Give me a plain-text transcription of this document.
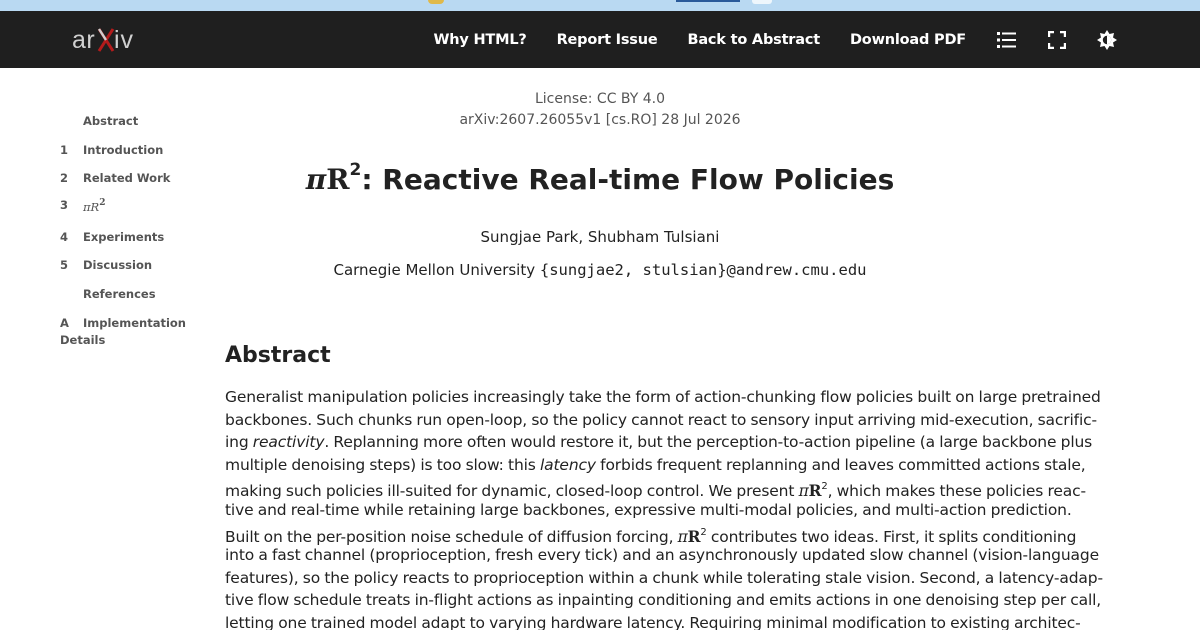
ar iv	Why HTML? Report Issue Back to Abstract Download PDF
Abstract
1	Introduction
2	Related Work
3	$\pi R^2$
4	Experiments
5	Discussion
References
A	Implementation
Details
License: CC BY 4.0
arXiv:2607.26055v1 [cs.RO] 28 Jul 2026
$\pi R^2$: Reactive Real-time Flow Policies
Sungjae Park, Shubham Tulsiani
Carnegie Mellon University {sungjae2, stulsian}@andrew.cmu.edu
Abstract
Generalist manipulation policies increasingly take the form of action-chunking flow policies built on large pretrained
backbones. Such chunks run open-loop, so the policy cannot react to sensory input arriving mid-execution, sacrific-
ing reactivity. Replanning more often would restore it, but the perception-to-action pipeline (a large backbone plus
multiple denoising steps) is too slow: this latency forbids frequent replanning and leaves committed actions stale,
making such policies ill-suited for dynamic, closed-loop control. We present $\pi R^2$, which makes these policies reac-
tive and real-time while retaining large backbones, expressive multi-modal policies, and multi-action prediction.
Built on the per-position noise schedule of diffusion forcing, $\pi R^2$ contributes two ideas. First, it splits conditioning
into a fast channel (proprioception, fresh every tick) and an asynchronously updated slow channel (vision-language
features), so the policy reacts to proprioception within a chunk while tolerating stale vision. Second, a latency-adap-
tive flow schedule treats in-flight actions as inpainting conditioning and emits actions in one denoising step per call,
letting one trained model adapt to varying hardware latency. Requiring minimal modification to existing architec-
